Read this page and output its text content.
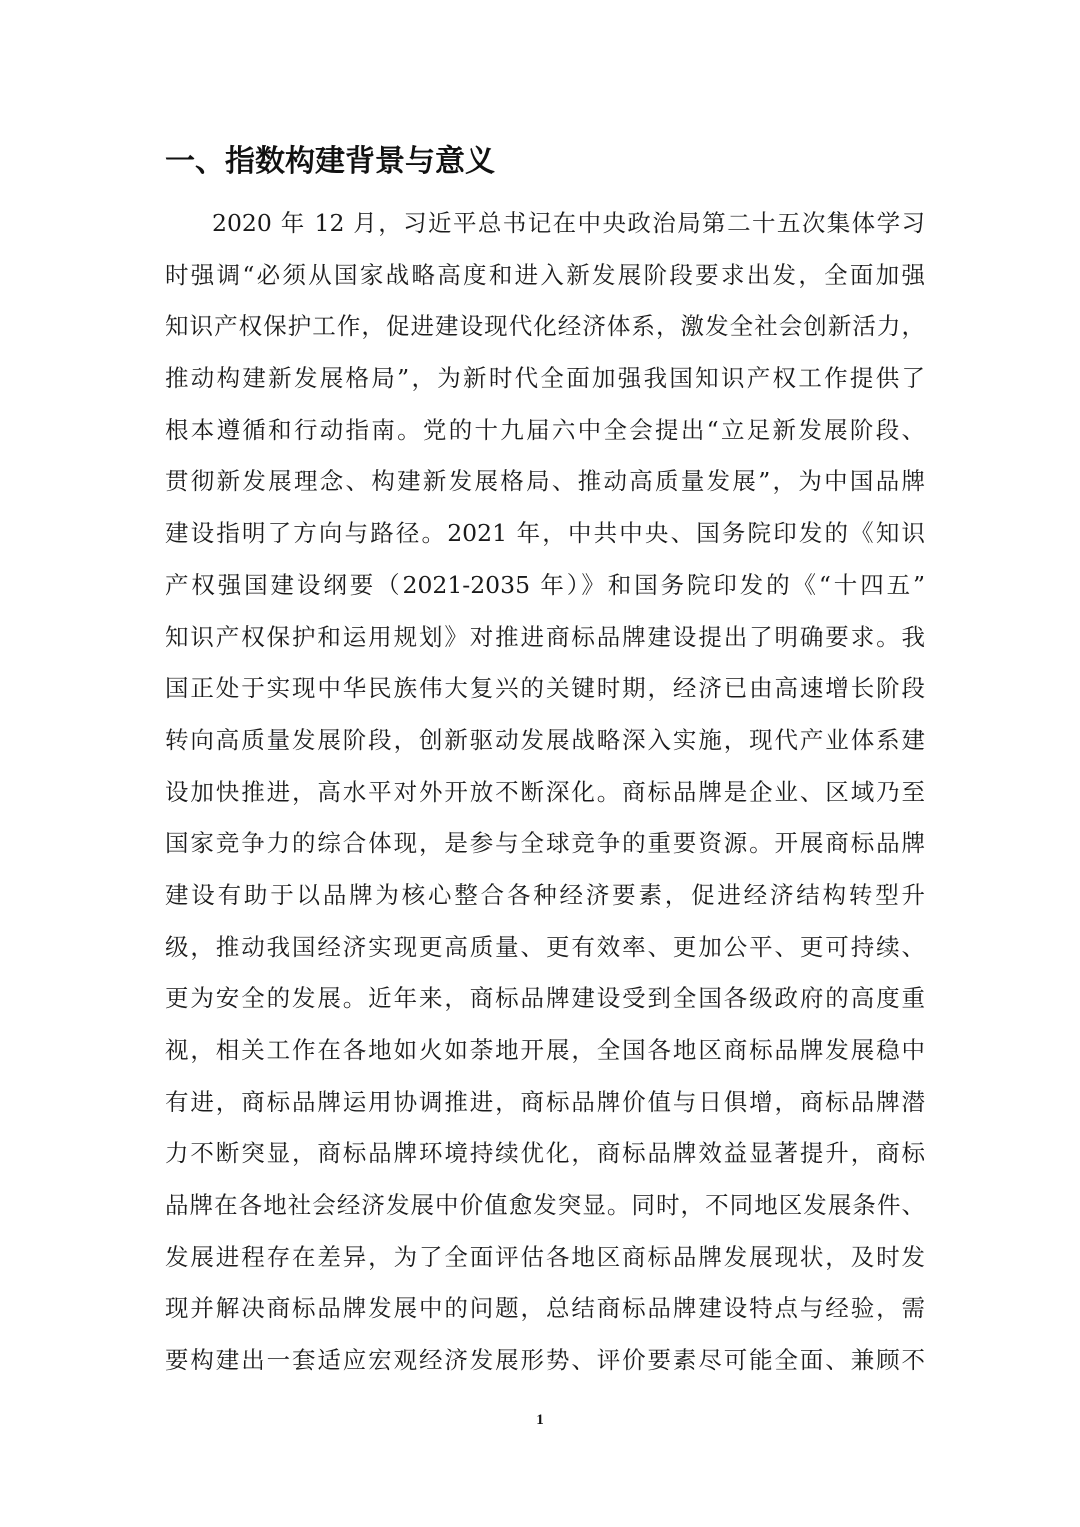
一、指数构建背景与意义
2020 年 12 月，习近平总书记在中央政治局第二十五次集体学习
时强调“必须从国家战略高度和进入新发展阶段要求出发，全面加强
知识产权保护工作，促进建设现代化经济体系，激发全社会创新活力，
推动构建新发展格局”，为新时代全面加强我国知识产权工作提供了
根本遵循和行动指南。党的十九届六中全会提出“立足新发展阶段、
贯彻新发展理念、构建新发展格局、推动高质量发展”，为中国品牌
建设指明了方向与路径。2021 年，中共中央、国务院印发的《知识
产权强国建设纲要（2021-2035 年）》和国务院印发的《“十四五”
知识产权保护和运用规划》对推进商标品牌建设提出了明确要求。我
国正处于实现中华民族伟大复兴的关键时期，经济已由高速增长阶段
转向高质量发展阶段，创新驱动发展战略深入实施，现代产业体系建
设加快推进，高水平对外开放不断深化。商标品牌是企业、区域乃至
国家竞争力的综合体现，是参与全球竞争的重要资源。开展商标品牌
建设有助于以品牌为核心整合各种经济要素，促进经济结构转型升
级，推动我国经济实现更高质量、更有效率、更加公平、更可持续、
更为安全的发展。近年来，商标品牌建设受到全国各级政府的高度重
视，相关工作在各地如火如荼地开展，全国各地区商标品牌发展稳中
有进，商标品牌运用协调推进，商标品牌价值与日俱增，商标品牌潜
力不断突显，商标品牌环境持续优化，商标品牌效益显著提升，商标
品牌在各地社会经济发展中价值愈发突显。同时，不同地区发展条件、
发展进程存在差异，为了全面评估各地区商标品牌发展现状，及时发
现并解决商标品牌发展中的问题，总结商标品牌建设特点与经验，需
要构建出一套适应宏观经济发展形势、评价要素尽可能全面、兼顾不
1
